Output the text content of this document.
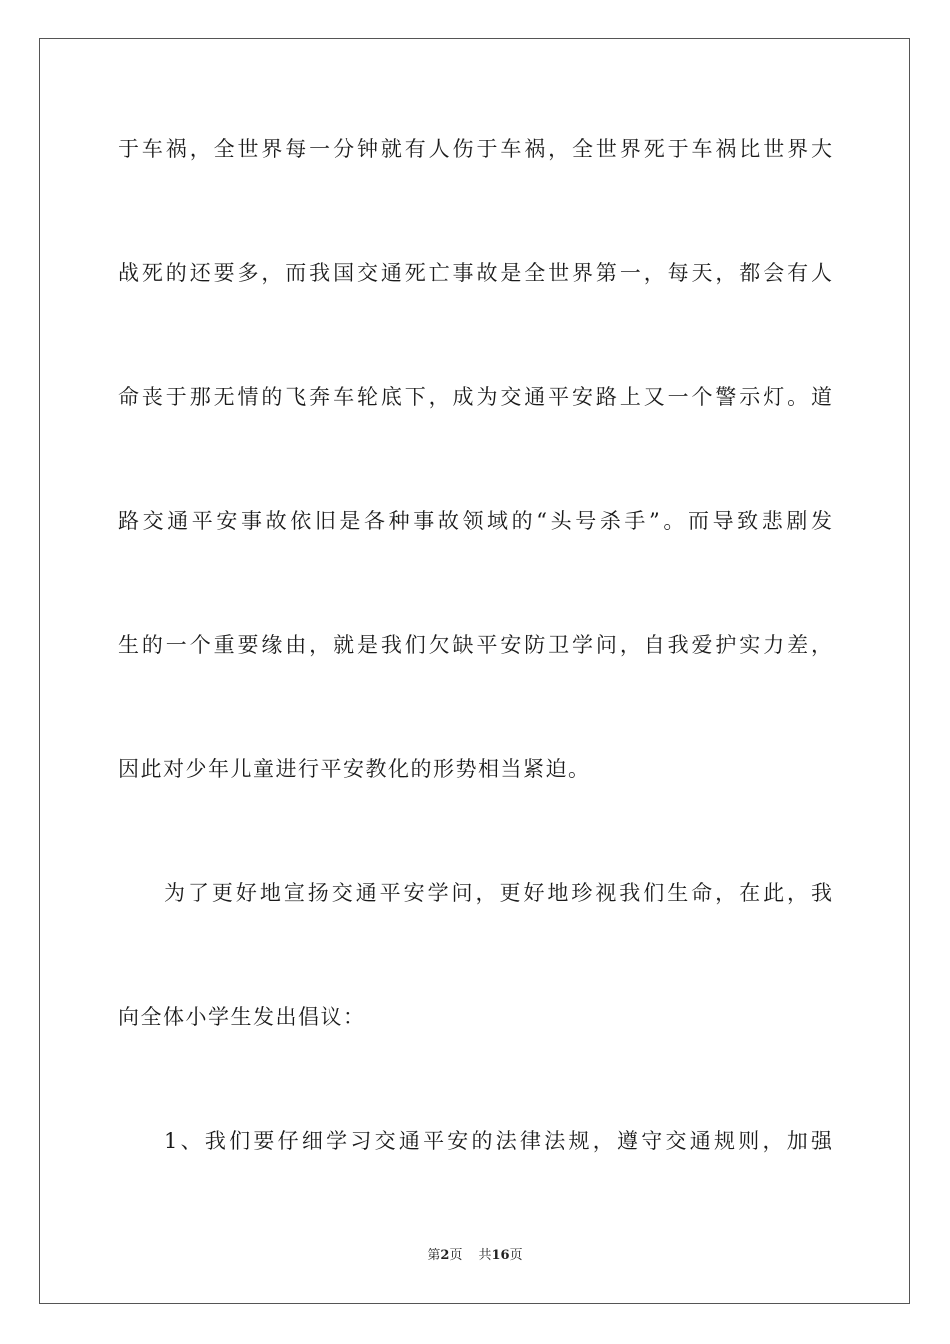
于车祸，全世界每一分钟就有人伤于车祸，全世界死于车祸比世界大
战死的还要多，而我国交通死亡事故是全世界第一，每天，都会有人
命丧于那无情的飞奔车轮底下，成为交通平安路上又一个警示灯。道
路交通平安事故依旧是各种事故领域的“头号杀手”。而导致悲剧发
生的一个重要缘由，就是我们欠缺平安防卫学问，自我爱护实力差，
因此对少年儿童进行平安教化的形势相当紧迫。
为了更好地宣扬交通平安学问，更好地珍视我们生命，在此，我
向全体小学生发出倡议：
1、我们要仔细学习交通平安的法律法规，遵守交通规则，加强
第2页 共16页
